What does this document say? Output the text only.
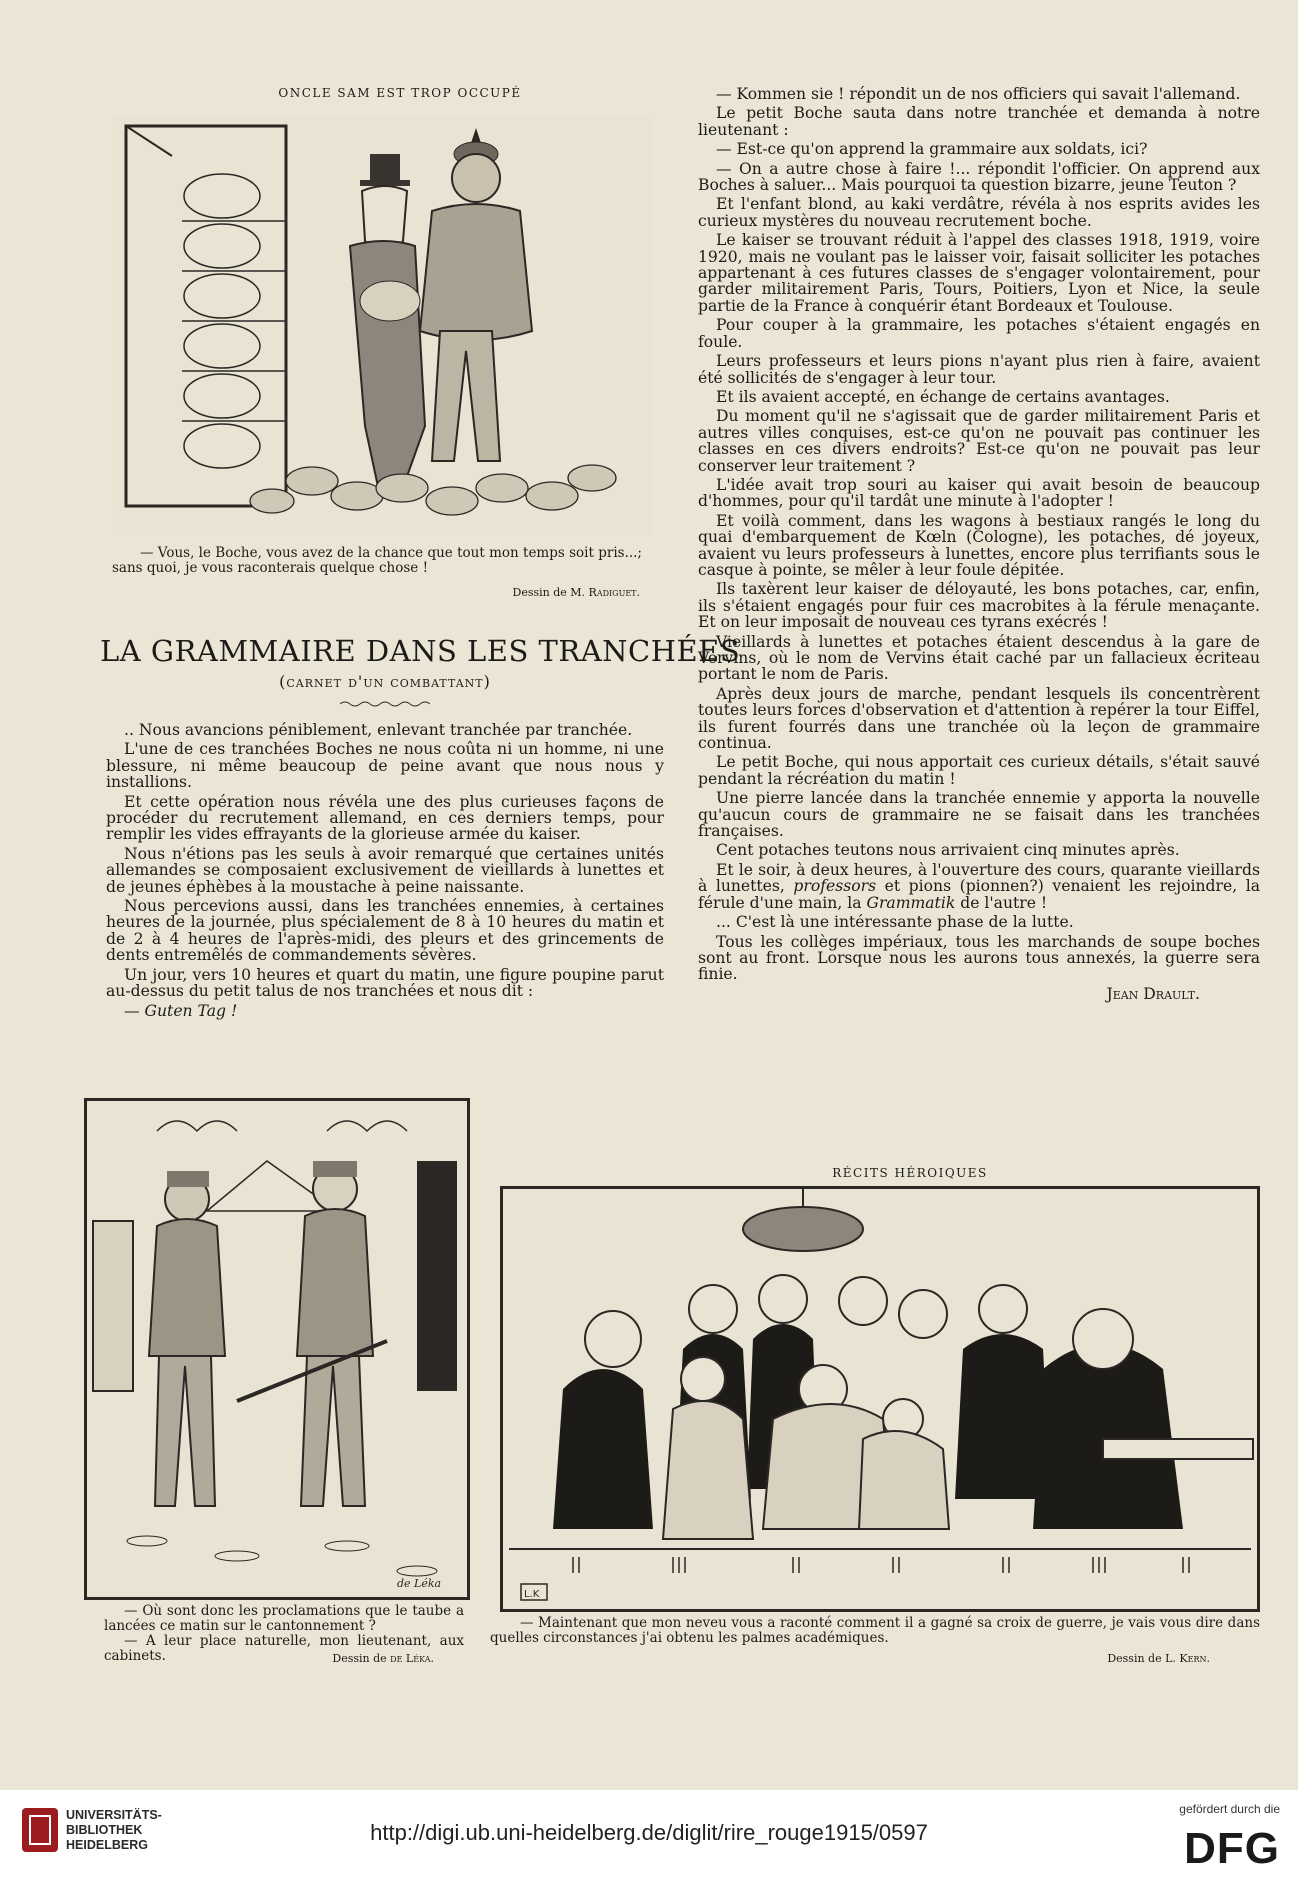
ONCLE SAM EST TROP OCCUPÉ
— Vous, le Boche, vous avez de la chance que tout mon temps soit pris...; sans quoi, je vous raconterais quelque chose !
Dessin de M. Radiguet.
LA GRAMMAIRE DANS LES TRANCHÉES
(carnet d'un combattant)

.. Nous avancions péniblement, enlevant tranchée par tranchée.

L'une de ces tranchées Boches ne nous coûta ni un homme, ni une blessure, ni même beaucoup de peine avant que nous nous y installions.

Et cette opération nous révéla une des plus curieuses façons de procéder du recrutement allemand, en ces derniers temps, pour remplir les vides effrayants de la glorieuse armée du kaiser.

Nous n'étions pas les seuls à avoir remarqué que certaines unités allemandes se composaient exclusivement de vieillards à lunettes et de jeunes éphèbes à la moustache à peine naissante.

Nous percevions aussi, dans les tranchées ennemies, à certaines heures de la journée, plus spécialement de 8 à 10 heures du matin et de 2 à 4 heures de l'après-midi, des pleurs et des grincements de dents entremêlés de commandements sévères.

Un jour, vers 10 heures et quart du matin, une figure poupine parut au-dessus du petit talus de nos tranchées et nous dit :

— Guten Tag !

— Kommen sie ! répondit un de nos officiers qui savait l'allemand.

Le petit Boche sauta dans notre tranchée et demanda à notre lieutenant :

— Est-ce qu'on apprend la grammaire aux soldats, ici?

— On a autre chose à faire !... répondit l'officier. On apprend aux Boches à saluer... Mais pourquoi ta question bizarre, jeune Teuton ?

Et l'enfant blond, au kaki verdâtre, révéla à nos esprits avides les curieux mystères du nouveau recrutement boche.

Le kaiser se trouvant réduit à l'appel des classes 1918, 1919, voire 1920, mais ne voulant pas le laisser voir, faisait solliciter les potaches appartenant à ces futures classes de s'engager volontairement, pour garder militairement Paris, Tours, Poitiers, Lyon et Nice, la seule partie de la France à conquérir étant Bordeaux et Toulouse.

Pour couper à la grammaire, les potaches s'étaient engagés en foule.

Leurs professeurs et leurs pions n'ayant plus rien à faire, avaient été sollicités de s'engager à leur tour.

Et ils avaient accepté, en échange de certains avantages.

Du moment qu'il ne s'agissait que de garder militairement Paris et autres villes conquises, est-ce qu'on ne pouvait pas continuer les classes en ces divers endroits? Est-ce qu'on ne pouvait pas leur conserver leur traitement ?

L'idée avait trop souri au kaiser qui avait besoin de beaucoup d'hommes, pour qu'il tardât une minute à l'adopter !

Et voilà comment, dans les wagons à bestiaux rangés le long du quai d'embarquement de Kœln (Cologne), les potaches, dé joyeux, avaient vu leurs professeurs à lunettes, encore plus terrifiants sous le casque à pointe, se mêler à leur foule dépitée.

Ils taxèrent leur kaiser de déloyauté, les bons potaches, car, enfin, ils s'étaient engagés pour fuir ces macrobites à la férule menaçante. Et on leur imposait de nouveau ces tyrans exécrés !

Vieillards à lunettes et potaches étaient descendus à la gare de Vervins, où le nom de Vervins était caché par un fallacieux écriteau portant le nom de Paris.

Après deux jours de marche, pendant lesquels ils concentrèrent toutes leurs forces d'observation et d'attention à repérer la tour Eiffel, ils furent fourrés dans une tranchée où la leçon de grammaire continua.

Le petit Boche, qui nous apportait ces curieux détails, s'était sauvé pendant la récréation du matin !

Une pierre lancée dans la tranchée ennemie y apporta la nouvelle qu'aucun cours de grammaire ne se faisait dans les tranchées françaises.

Cent potaches teutons nous arrivaient cinq minutes après.

Et le soir, à deux heures, à l'ouverture des cours, quarante vieillards à lunettes, professors et pions (pionnen?) venaient les rejoindre, la férule d'une main, la Grammatik de l'autre !

... C'est là une intéressante phase de la lutte.

Tous les collèges impériaux, tous les marchands de soupe boches sont au front. Lorsque nous les aurons tous annexés, la guerre sera finie.

Jean Drault.
de Léka
— Où sont donc les proclamations que le taube a lancées ce matin sur le cantonnement ?
— A leur place naturelle, mon lieutenant, aux cabinets.	Dessin de de Léka.
RÉCITS HÉROIQUES
L.K
— Maintenant que mon neveu vous a raconté comment il a gagné sa croix de guerre, je vais vous dire dans quelles circonstances j'ai obtenu les palmes académiques.
Dessin de L. Kern.
UNIVERSITÄTS-
BIBLIOTHEK
HEIDELBERG	http://digi.ub.uni-heidelberg.de/diglit/rire_rouge1915/0597
gefördert durch die
DFG
